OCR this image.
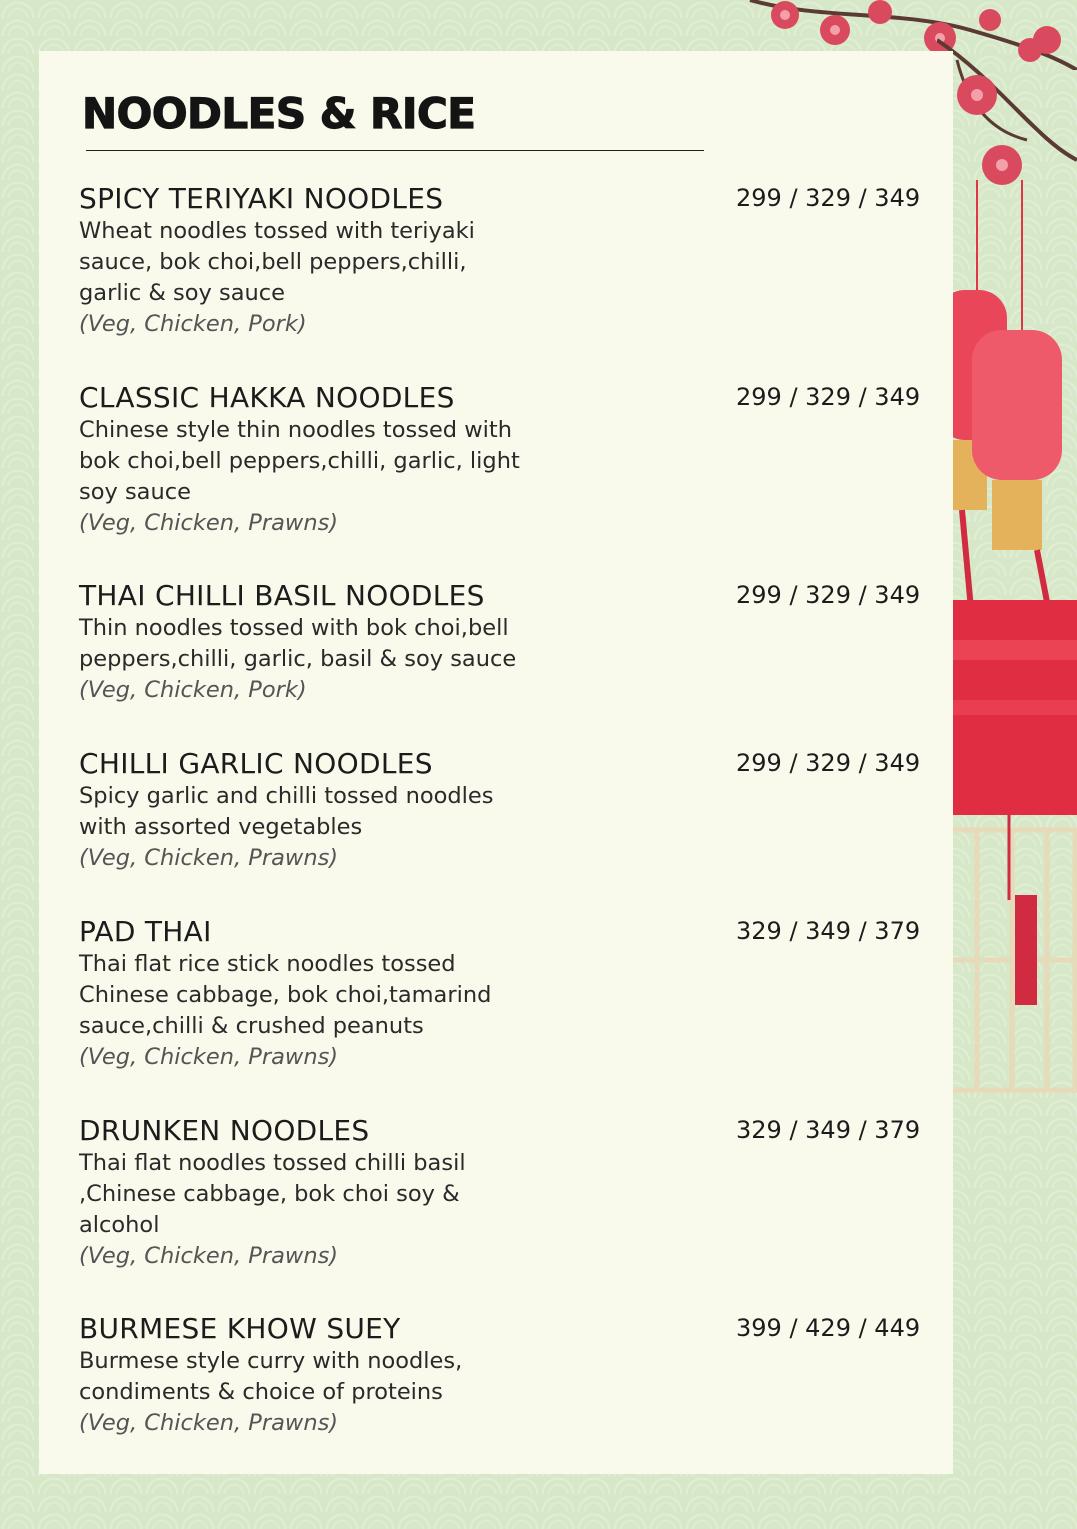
NOODLES & RICE
SPICY TERIYAKI NOODLES	299 / 329 / 349
Wheat noodles tossed with teriyaki
sauce, bok choi,bell peppers,chilli,
garlic & soy sauce
(Veg, Chicken, Pork)
CLASSIC HAKKA NOODLES	299 / 329 / 349
Chinese style thin noodles tossed with
bok choi,bell peppers,chilli, garlic, light
soy sauce
(Veg, Chicken, Prawns)
THAI CHILLI BASIL NOODLES	299 / 329 / 349
Thin noodles tossed with bok choi,bell
peppers,chilli, garlic, basil & soy sauce
(Veg, Chicken, Pork)
CHILLI GARLIC NOODLES	299 / 329 / 349
Spicy garlic and chilli tossed noodles
with assorted vegetables
(Veg, Chicken, Prawns)
PAD THAI	329 / 349 / 379
Thai flat rice stick noodles tossed
Chinese cabbage, bok choi,tamarind
sauce,chilli & crushed peanuts
(Veg, Chicken, Prawns)
DRUNKEN NOODLES	329 / 349 / 379
Thai flat noodles tossed chilli basil
,Chinese cabbage, bok choi soy &
alcohol
(Veg, Chicken, Prawns)
BURMESE KHOW SUEY	399 / 429 / 449
Burmese style curry with noodles,
condiments & choice of proteins
(Veg, Chicken, Prawns)
